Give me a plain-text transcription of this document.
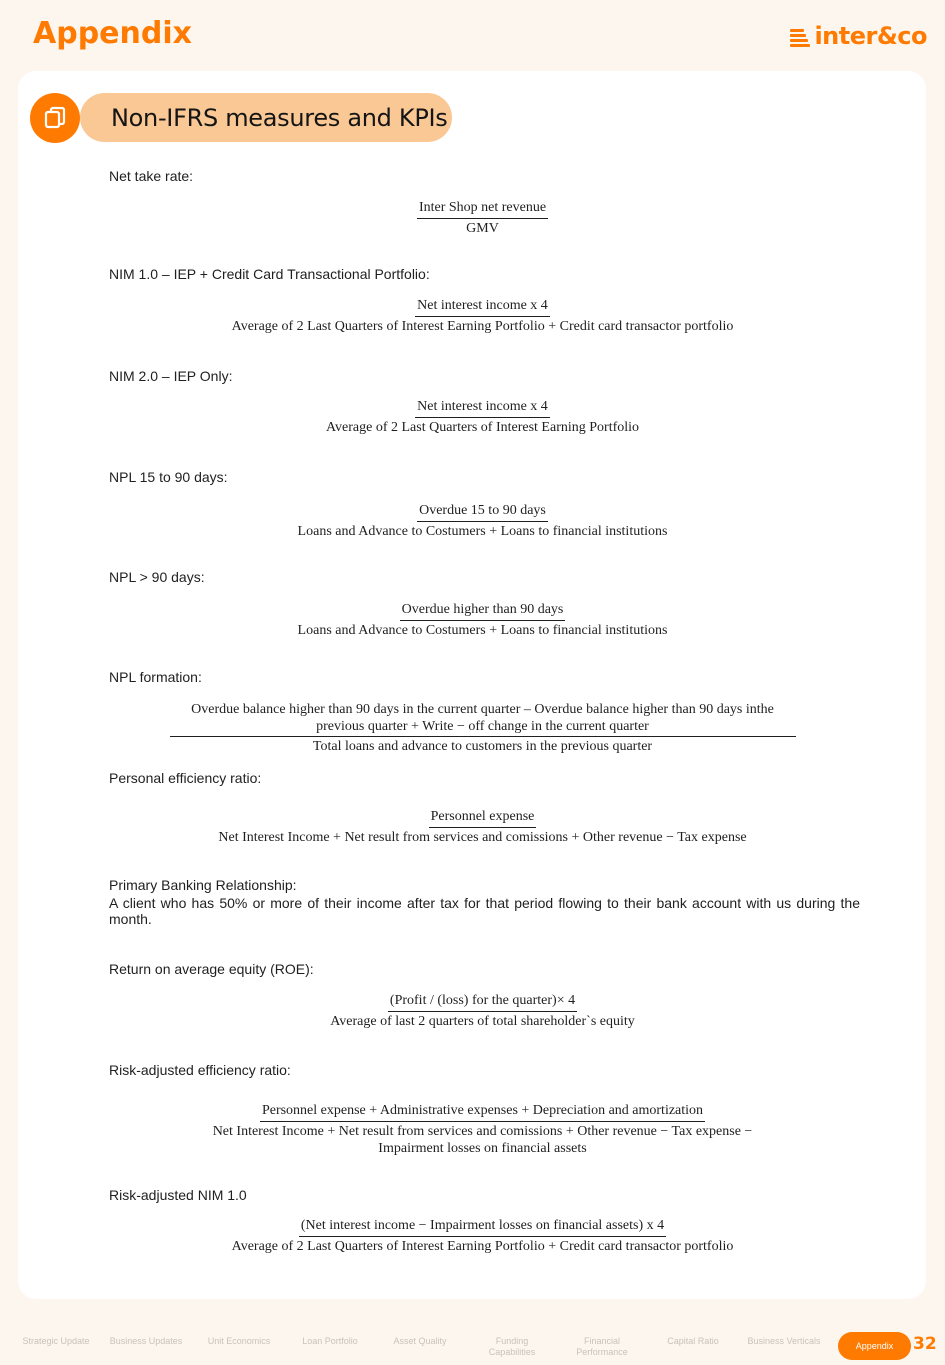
Appendix	inter&co
Non-IFRS measures and KPIs
Net take rate:
$\frac{\text{Inter Shop net revenue}}{\text{GMV}}$
NIM 1.0 – IEP + Credit Card Transactional Portfolio:
Net interest income x 4
Average of 2 Last Quarters of Interest Earning Portfolio + Credit card transactor portfolio
NIM 2.0 – IEP Only:
$\frac{\text{Net interest income x 4}}{\text{Average of 2 Last Quarters of Interest Earning Portfolio}}$
NPL 15 to 90 days:
Overdue 15 to 90 days
Loans and Advance to Costumers + Loans to financial institutions
NPL > 90 days:
Overdue higher than 90 days
Loans and Advance to Costumers + Loans to financial institutions
NPL formation:
Overdue balance higher than 90 days in the current quarter – Overdue balance higher than 90 days inthe previous quarter + Write − off change in the current quarter
Total loans and advance to customers in the previous quarter
Personal efficiency ratio:
Personnel expense
Net Interest Income + Net result from services and comissions + Other revenue − Tax expense
Primary Banking Relationship:
A client who has 50% or more of their income after tax for that period flowing to their bank account with us during the month.
Return on average equity (ROE):
$\frac{\text{(Profit / (loss) for the quarter)× 4}}{\text{Average of last 2 quarters of total shareholder`s equity}}$
Risk-adjusted efficiency ratio:
Personnel expense + Administrative expenses + Depreciation and amortization
Net Interest Income + Net result from services and comissions + Other revenue − Tax expense − Impairment losses on financial assets
Risk-adjusted NIM 1.0
(Net interest income − Impairment losses on financial assets) x 4
Average of 2 Last Quarters of Interest Earning Portfolio + Credit card transactor portfolio
Strategic Update	Business Updates	Unit Economics	Loan Portfolio	Asset Quality	Funding Capabilities
Financial Performance
Capital Ratio	Business Verticals	Appendix	32
